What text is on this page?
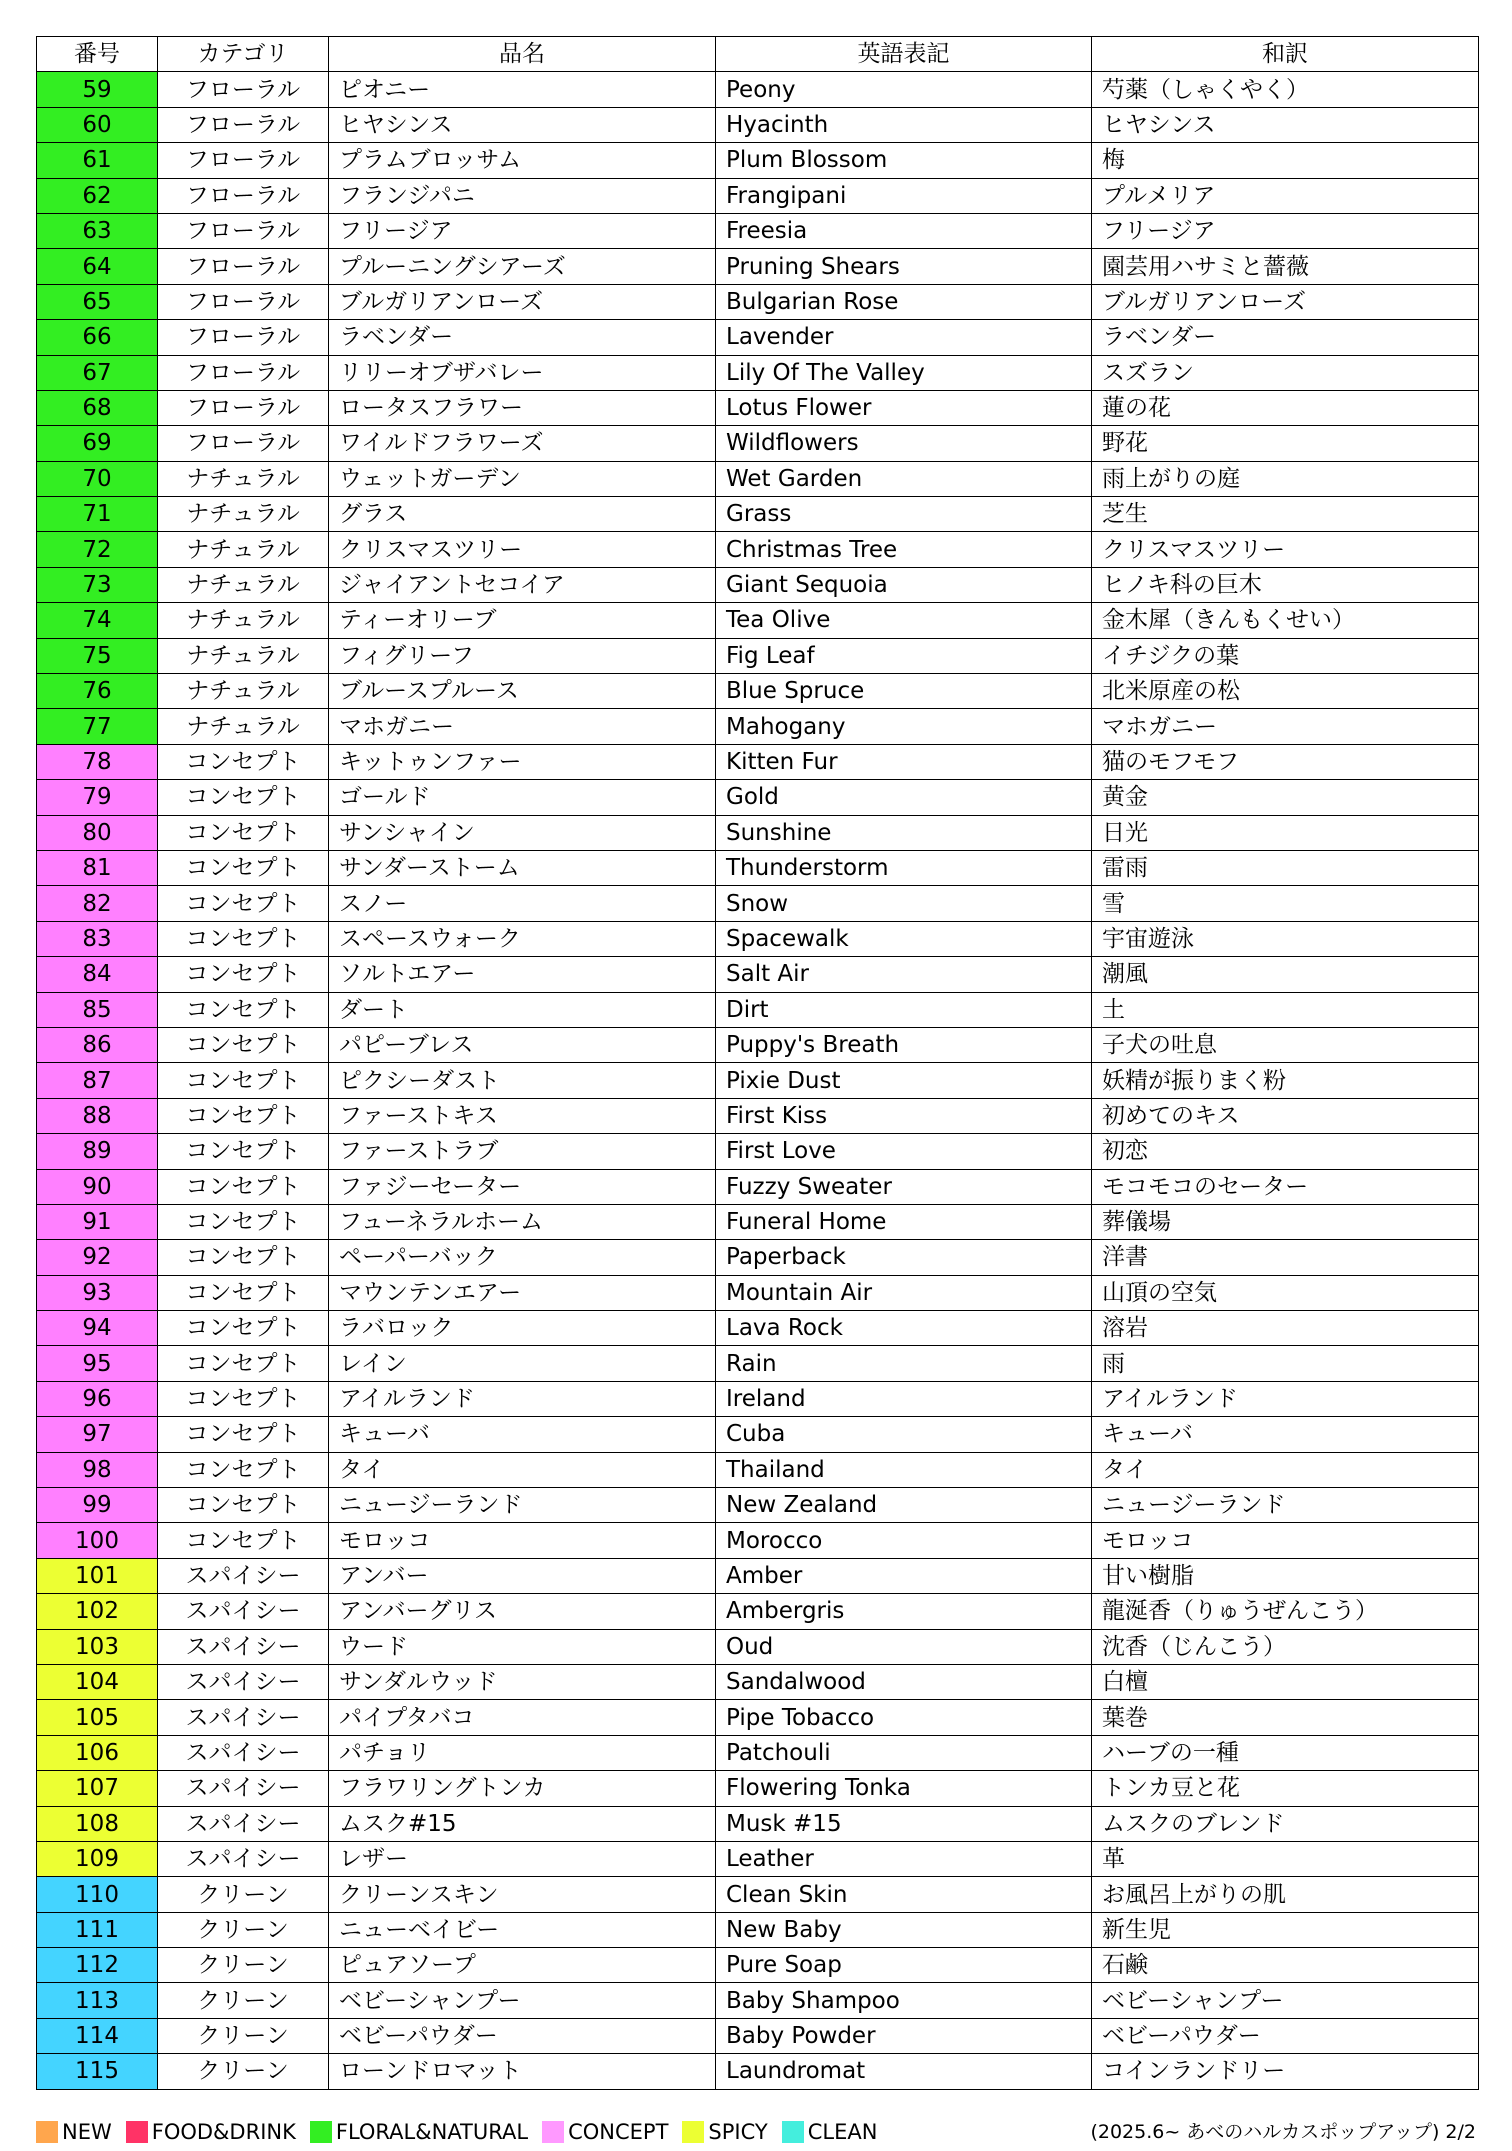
番号	カテゴリ	品名	英語表記	和訳
59	フローラル	ピオニー	Peony	芍薬（しゃくやく）
60	フローラル	ヒヤシンス	Hyacinth	ヒヤシンス
61	フローラル	プラムブロッサム	Plum Blossom	梅
62	フローラル	フランジパニ	Frangipani	プルメリア
63	フローラル	フリージア	Freesia	フリージア
64	フローラル	プルーニングシアーズ	Pruning Shears	園芸用ハサミと薔薇
65	フローラル	ブルガリアンローズ	Bulgarian Rose	ブルガリアンローズ
66	フローラル	ラベンダー	Lavender	ラベンダー
67	フローラル	リリーオブザバレー	Lily Of The Valley	スズラン
68	フローラル	ロータスフラワー	Lotus Flower	蓮の花
69	フローラル	ワイルドフラワーズ	Wildflowers	野花
70	ナチュラル	ウェットガーデン	Wet Garden	雨上がりの庭
71	ナチュラル	グラス	Grass	芝生
72	ナチュラル	クリスマスツリー	Christmas Tree	クリスマスツリー
73	ナチュラル	ジャイアントセコイア	Giant Sequoia	ヒノキ科の巨木
74	ナチュラル	ティーオリーブ	Tea Olive	金木犀（きんもくせい）
75	ナチュラル	フィグリーフ	Fig Leaf	イチジクの葉
76	ナチュラル	ブルースプルース	Blue Spruce	北米原産の松
77	ナチュラル	マホガニー	Mahogany	マホガニー
78	コンセプト	キットゥンファー	Kitten Fur	猫のモフモフ
79	コンセプト	ゴールド	Gold	黄金
80	コンセプト	サンシャイン	Sunshine	日光
81	コンセプト	サンダーストーム	Thunderstorm	雷雨
82	コンセプト	スノー	Snow	雪
83	コンセプト	スペースウォーク	Spacewalk	宇宙遊泳
84	コンセプト	ソルトエアー	Salt Air	潮風
85	コンセプト	ダート	Dirt	土
86	コンセプト	パピーブレス	Puppy's Breath	子犬の吐息
87	コンセプト	ピクシーダスト	Pixie Dust	妖精が振りまく粉
88	コンセプト	ファーストキス	First Kiss	初めてのキス
89	コンセプト	ファーストラブ	First Love	初恋
90	コンセプト	ファジーセーター	Fuzzy Sweater	モコモコのセーター
91	コンセプト	フューネラルホーム	Funeral Home	葬儀場
92	コンセプト	ペーパーバック	Paperback	洋書
93	コンセプト	マウンテンエアー	Mountain Air	山頂の空気
94	コンセプト	ラバロック	Lava Rock	溶岩
95	コンセプト	レイン	Rain	雨
96	コンセプト	アイルランド	Ireland	アイルランド
97	コンセプト	キューバ	Cuba	キューバ
98	コンセプト	タイ	Thailand	タイ
99	コンセプト	ニュージーランド	New Zealand	ニュージーランド
100	コンセプト	モロッコ	Morocco	モロッコ
101	スパイシー	アンバー	Amber	甘い樹脂
102	スパイシー	アンバーグリス	Ambergris	龍涎香（りゅうぜんこう）
103	スパイシー	ウード	Oud	沈香（じんこう）
104	スパイシー	サンダルウッド	Sandalwood	白檀
105	スパイシー	パイプタバコ	Pipe Tobacco	葉巻
106	スパイシー	パチョリ	Patchouli	ハーブの一種
107	スパイシー	フラワリングトンカ	Flowering Tonka	トンカ豆と花
108	スパイシー	ムスク#15	Musk #15	ムスクのブレンド
109	スパイシー	レザー	Leather	革
110	クリーン	クリーンスキン	Clean Skin	お風呂上がりの肌
111	クリーン	ニューベイビー	New Baby	新生児
112	クリーン	ピュアソープ	Pure Soap	石鹸
113	クリーン	ベビーシャンプー	Baby Shampoo	ベビーシャンプー
114	クリーン	ベビーパウダー	Baby Powder	ベビーパウダー
115	クリーン	ローンドロマット	Laundromat	コインランドリー
NEW FOOD&DRINK FLORAL&NATURAL CONCEPT SPICY CLEAN	(2025.6~ あべのハルカスポップアップ) 2/2
